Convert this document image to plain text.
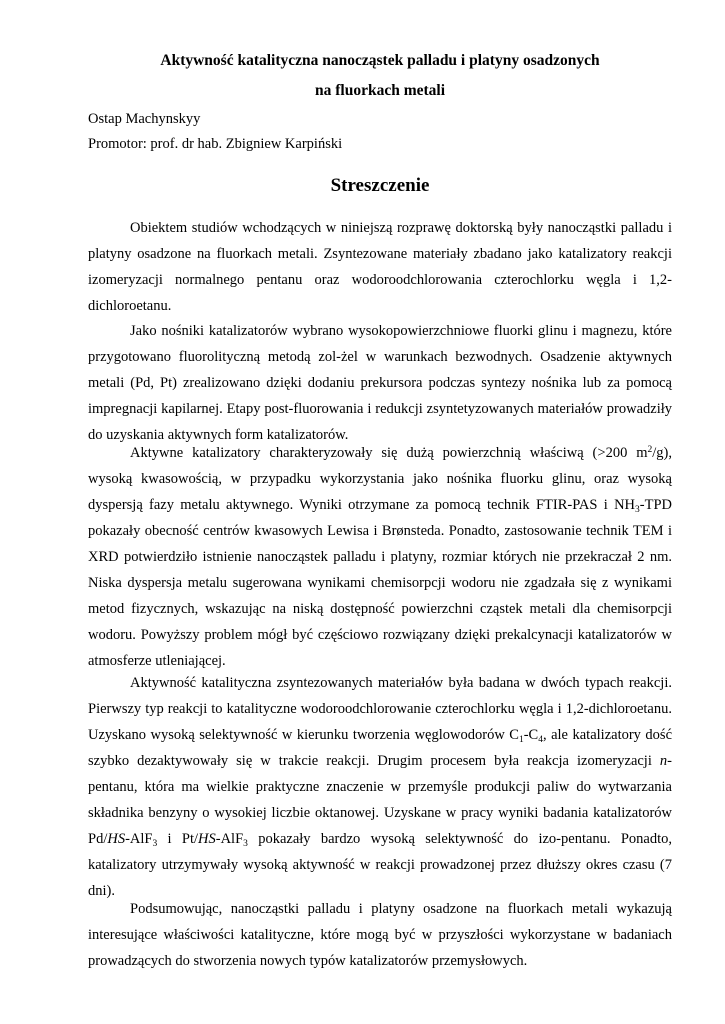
Aktywność katalityczna nanocząstek palladu i platyny osadzonych
na fluorkach metali
Ostap Machynskyy
Promotor: prof. dr hab. Zbigniew Karpiński
Streszczenie

Obiektem studiów wchodzących w niniejszą rozprawę doktorską były nanocząstki palladu i platyny osadzone na fluorkach metali. Zsyntezowane materiały zbadano jako katalizatory reakcji izomeryzacji normalnego pentanu oraz wodoroodchlorowania czterochlorku węgla i 1,2-dichloroetanu.

Jako nośniki katalizatorów wybrano wysokopowierzchniowe fluorki glinu i magnezu, które przygotowano fluorolityczną metodą zol-żel w warunkach bezwodnych. Osadzenie aktywnych metali (Pd, Pt) zrealizowano dzięki dodaniu prekursora podczas syntezy nośnika lub za pomocą impregnacji kapilarnej. Etapy post-fluorowania i redukcji zsyntetyzowanych materiałów prowadziły do uzyskania aktywnych form katalizatorów.

Aktywne katalizatory charakteryzowały się dużą powierzchnią właściwą (>200 $m^2/g$), wysoką kwasowością, w przypadku wykorzystania jako nośnika fluorku glinu, oraz wysoką dyspersją fazy metalu aktywnego. Wyniki otrzymane za pomocą technik FTIR-PAS i $NH_3$-TPD pokazały obecność centrów kwasowych Lewisa i Brønsteda. Ponadto, zastosowanie technik TEM i XRD potwierdziło istnienie nanocząstek palladu i platyny, rozmiar których nie przekraczał 2 nm. Niska dyspersja metalu sugerowana wynikami chemisorpcji wodoru nie zgadzała się z wynikami metod fizycznych, wskazując na niską dostępność powierzchni cząstek metali dla chemisorpcji wodoru. Powyższy problem mógł być częściowo rozwiązany dzięki prekalcynacji katalizatorów w atmosferze utleniającej.

Aktywność katalityczna zsyntezowanych materiałów była badana w dwóch typach reakcji. Pierwszy typ reakcji to katalityczne wodoroodchlorowanie czterochlorku węgla i 1,2-dichloroetanu. Uzyskano wysoką selektywność w kierunku tworzenia węglowodorów $C_1-C_4$, ale katalizatory dość szybko dezaktywowały się w trakcie reakcji. Drugim procesem była reakcja izomeryzacji n-pentanu, która ma wielkie praktyczne znaczenie w przemyśle produkcji paliw do wytwarzania składnika benzyny o wysokiej liczbie oktanowej. Uzyskane w pracy wyniki badania katalizatorów Pd/HS-AlF$_3$ i Pt/HS-AlF$_3$ pokazały bardzo wysoką selektywność do izo-pentanu. Ponadto, katalizatory utrzymywały wysoką aktywność w reakcji prowadzonej przez dłuższy okres czasu (7 dni).

Podsumowując, nanocząstki palladu i platyny osadzone na fluorkach metali wykazują interesujące właściwości katalityczne, które mogą być w przyszłości wykorzystane w badaniach prowadzących do stworzenia nowych typów katalizatorów przemysłowych.
